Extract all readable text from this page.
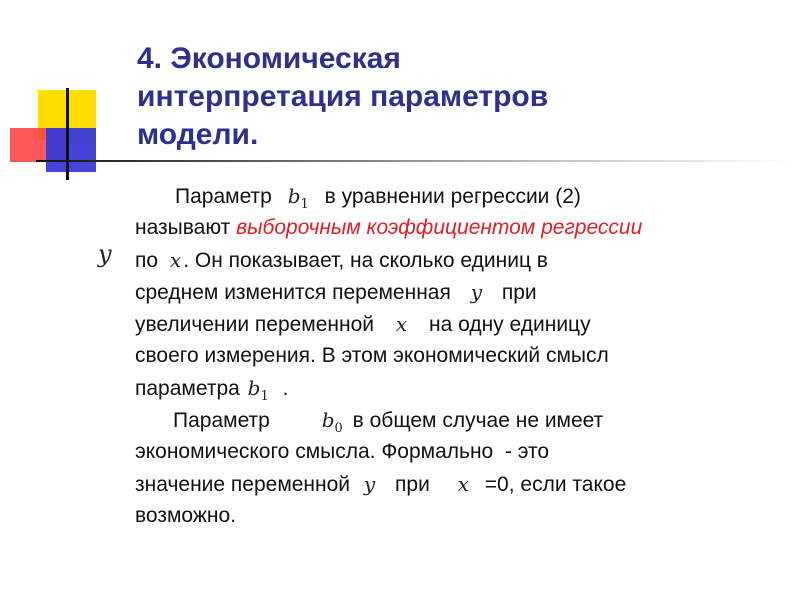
4. Экономическая
интерпретация параметров
модели.
y
Параметр $b_1$ в уравнении регрессии (2)
называют выборочным коэффициентом регрессии
по x. Он показывает, на сколько единиц в
среднем изменится переменная y при
увеличении переменной x на одну единицу
своего измерения. В этом экономический смысл
параметра $b_1$ .
Параметр	$b_0$ в общем случае не имеет
экономического смысла. Формально  - это
значение переменной y при x =0, если такое
возможно.
